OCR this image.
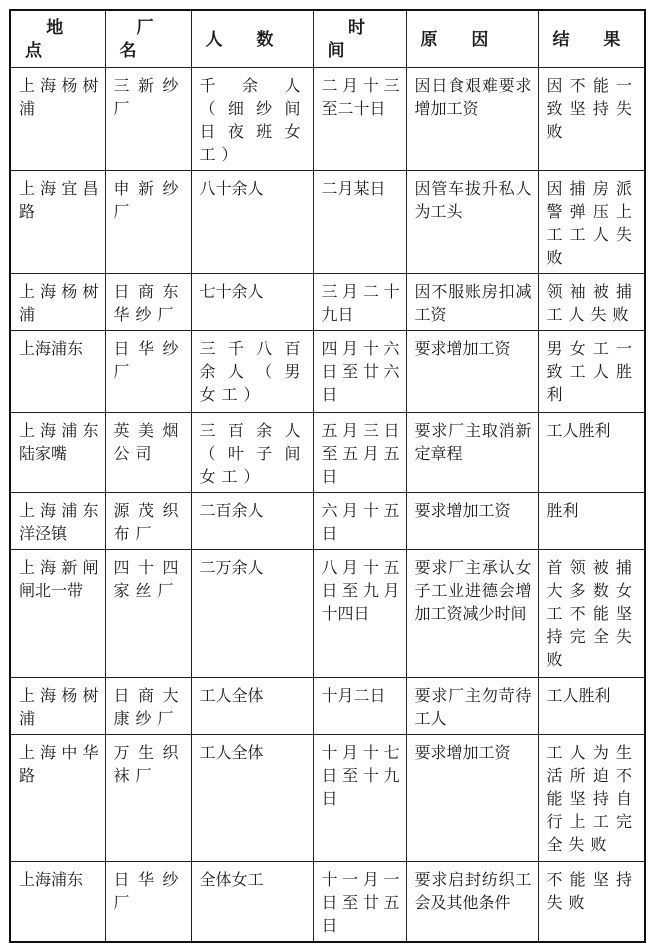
地 点	厂 名	人 数	时 间	原 因	结 果
上海杨树浦	三新纱厂	千余人（细纱间日夜班女工）	二月十三至二十日	因日食艰难要求增加工资	因不能一致坚持失败
上海宜昌路	申新纱厂	八十余人	二月某日	因管车拔升私人为工头	因捕房派警弹压上工工人失败
上海杨树浦	日商东华纱厂	七十余人	三月二十九日	因不服账房扣减工资	领袖被捕工人失败
上海浦东	日华纱厂	三千八百余人（男女工）	四月十六日至廿六日	要求增加工资	男女工一致工人胜利
上海浦东陆家嘴	英美烟公司	三百余人（叶子间女工）	五月三日至五月五日	要求厂主取消新定章程	工人胜利
上海浦东洋泾镇	源茂织布厂	二百余人	六月十五日	要求增加工资	胜利
上海新闸闸北一带	四十四家丝厂	二万余人	八月十五日至九月十四日	要求厂主承认女子工业进德会增加工资减少时间	首领被捕大多数女工不能坚持完全失败
上海杨树浦	日商大康纱厂	工人全体	十月二日	要求厂主勿苛待工人	工人胜利
上海中华路	万生织袜厂	工人全体	十月十七日至十九日	要求增加工资	工人为生活所迫不能坚持自行上工完全失败
上海浦东	日华纱厂	全体女工	十一月一日至廿五日	要求启封纺织工会及其他条件	不能坚持失败
